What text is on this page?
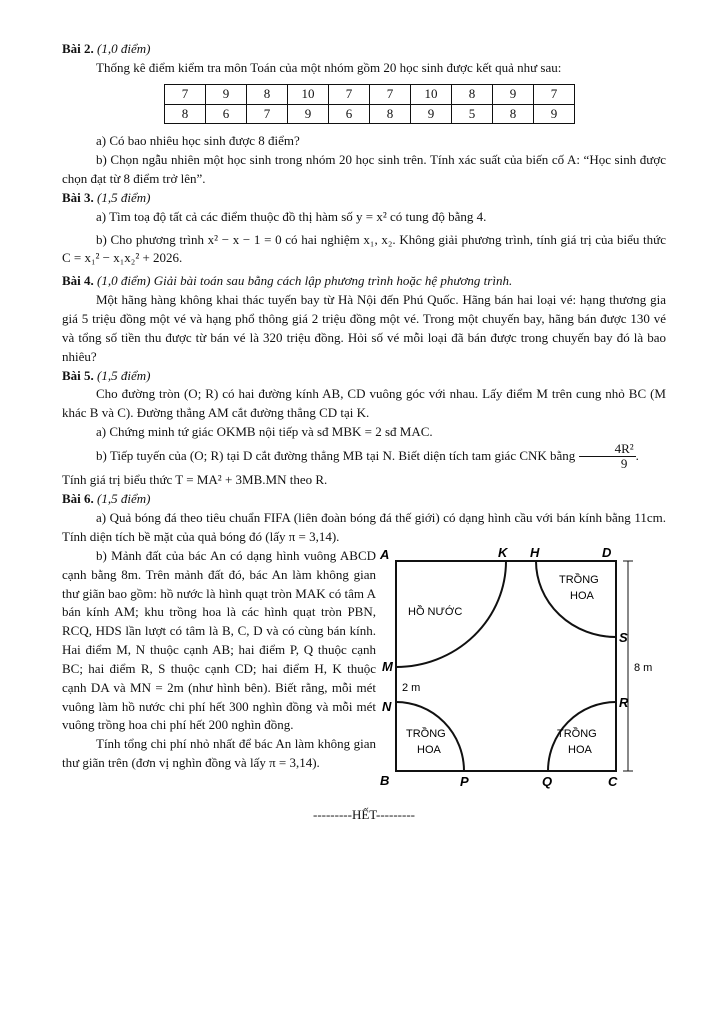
Bài 2. (1,0 điểm)

Thống kê điểm kiểm tra môn Toán của một nhóm gồm 20 học sinh được kết quả như sau:

7	9	8	10	7	7	10	8	9	7
8	6	7	9	6	8	9	5	8	9

a) Có bao nhiêu học sinh được 8 điểm?

b) Chọn ngẫu nhiên một học sinh trong nhóm 20 học sinh trên. Tính xác suất của biến cố A: “Học sinh được chọn đạt từ 8 điểm trở lên”.

Bài 3. (1,5 điểm)

a) Tìm toạ độ tất cả các điểm thuộc đồ thị hàm số y = x² có tung độ bằng 4.

b) Cho phương trình x² − x − 1 = 0 có hai nghiệm x₁, x₂. Không giải phương trình, tính giá trị của biểu thức C = x₁² − x₁x₂² + 2026.

Bài 4. (1,0 điểm) Giải bài toán sau bằng cách lập phương trình hoặc hệ phương trình.

Một hãng hàng không khai thác tuyến bay từ Hà Nội đến Phú Quốc. Hãng bán hai loại vé: hạng thương gia giá 5 triệu đồng một vé và hạng phổ thông giá 2 triệu đồng một vé. Trong một chuyến bay, hãng bán được 130 vé và tổng số tiền thu được từ bán vé là 320 triệu đồng. Hỏi số vé mỗi loại đã bán được trong chuyến bay đó là bao nhiêu?

Bài 5. (1,5 điểm)

Cho đường tròn (O; R) có hai đường kính AB, CD vuông góc với nhau. Lấy điểm M trên cung nhỏ BC (M khác B và C). Đường thẳng AM cắt đường thẳng CD tại K.

a) Chứng minh tứ giác OKMB nội tiếp và sđ MBK = 2 sđ MAC.

b) Tiếp tuyến của (O; R) tại D cắt đường thẳng MB tại N. Biết diện tích tam giác CNK bằng $\frac{\text{4R²}}{9}$ .

Tính giá trị biểu thức T = MA² + 3MB.MN theo R.

Bài 6. (1,5 điểm)

a) Quả bóng đá theo tiêu chuẩn FIFA (liên đoàn bóng đá thế giới) có dạng hình cầu với bán kính bằng 11cm. Tính diện tích bề mặt của quả bóng đó (lấy π = 3,14).

b) Mảnh đất của bác An có dạng hình vuông ABCD cạnh bằng 8m. Trên mảnh đất đó, bác An làm không gian thư giãn bao gồm: hồ nước là hình quạt tròn MAK có tâm A bán kính AM; khu trồng hoa là các hình quạt tròn PBN, RCQ, HDS lần lượt có tâm là B, C, D và có cùng bán kính. Hai điểm M, N thuộc cạnh AB; hai điểm P, Q thuộc cạnh BC; hai điểm R, S thuộc cạnh CD; hai điểm H, K thuộc cạnh DA và MN = 2m (như hình bên). Biết rằng, mỗi mét vuông làm hồ nước chi phí hết 300 nghìn đồng và mỗi mét vuông trồng hoa chi phí hết 200 nghìn đồng.

Tính tổng chi phí nhỏ nhất để bác An làm không gian thư giãn trên (đơn vị nghìn đồng và lấy π = 3,14).

8 m
2 m
HỒ NƯỚC
TRỒNG
HOA
TRỒNG
HOA
TRỒNG
HOA
A	K H	D
S
M
N	R
B	P	Q	C

---------HẾT---------
